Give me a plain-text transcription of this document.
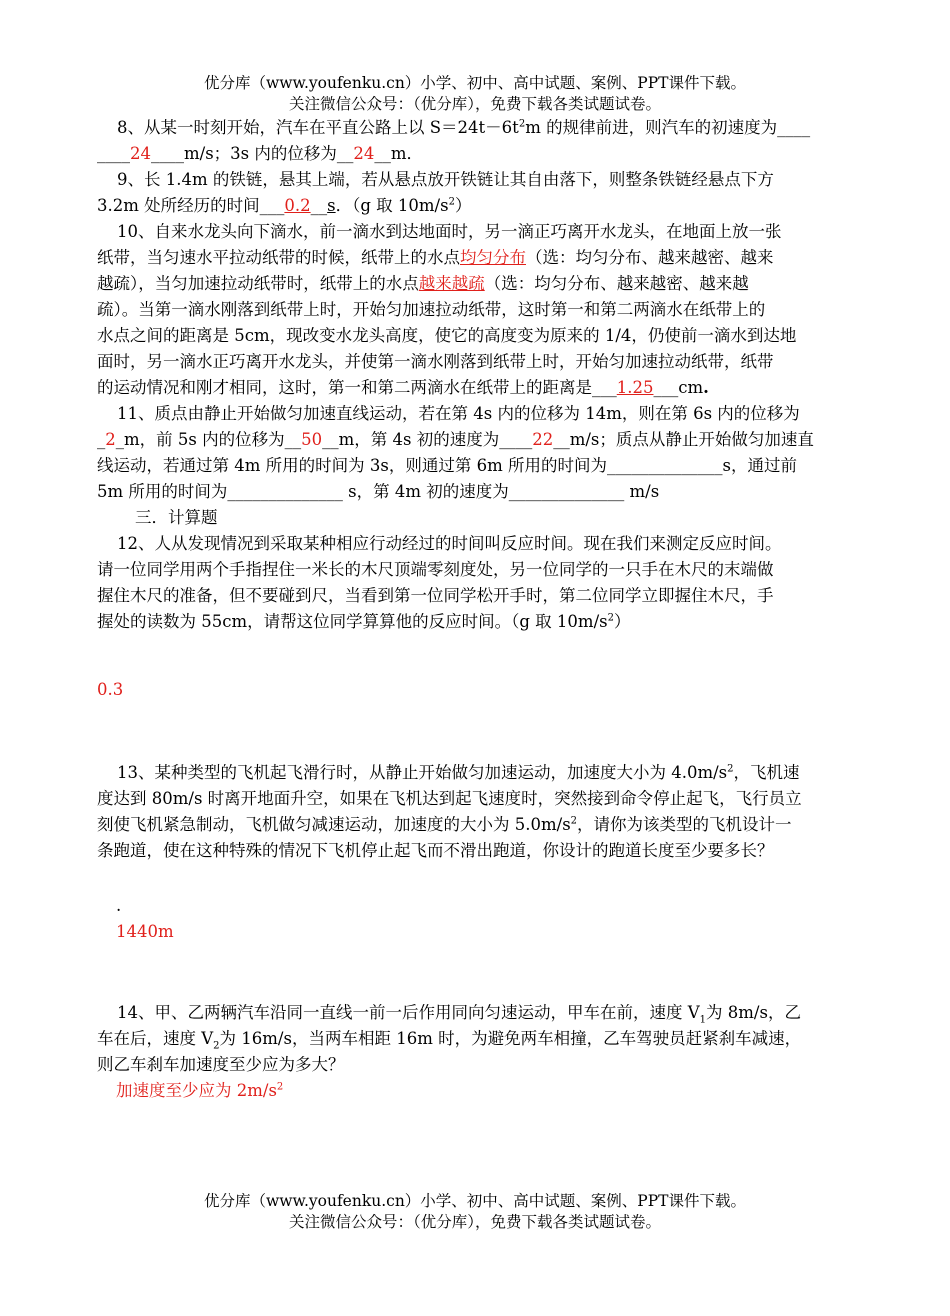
优分库（www.youfenku.cn）小学、初中、高中试题、案例、PPT课件下载。
关注微信公众号：（优分库），免费下载各类试题试卷。
8、从某一时刻开始，汽车在平直公路上以 $S=24t-6t^2m$ 的规律前进，则汽车的初速度为____
____24____m/s；3s 内的位移为__24__m．
9、长 1.4m 的铁链，悬其上端，若从悬点放开铁链让其自由落下，则整条铁链经悬点下方
3.2m 处所经历的时间___0.2__s．（g 取 $10m/s^2$）
10、自来水龙头向下滴水，前一滴水到达地面时，另一滴正巧离开水龙头，在地面上放一张
纸带，当匀速水平拉动纸带的时候，纸带上的水点均匀分布（选：均匀分布、越来越密、越来
越疏），当匀加速拉动纸带时，纸带上的水点越来越疏（选：均匀分布、越来越密、越来越
疏）。当第一滴水刚落到纸带上时，开始匀加速拉动纸带，这时第一和第二两滴水在纸带上的
水点之间的距离是 5cm，现改变水龙头高度，使它的高度变为原来的 1/4，仍使前一滴水到达地
面时，另一滴水正巧离开水龙头，并使第一滴水刚落到纸带上时，开始匀加速拉动纸带，纸带
的运动情况和刚才相同，这时，第一和第二两滴水在纸带上的距离是___1.25___cm.
11、质点由静止开始做匀加速直线运动，若在第 4s 内的位移为 14m，则在第 6s 内的位移为
_2_m，前 5s 内的位移为__50__m，第 4s 初的速度为____22__m/s；质点从静止开始做匀加速直
线运动，若通过第 4m 所用的时间为 3s，则通过第 6m 所用的时间为______________s，通过前
5m 所用的时间为______________ s，第 4m 初的速度为______________ m/s
三．计算题
12、人从发现情况到采取某种相应行动经过的时间叫反应时间。现在我们来测定反应时间。
请一位同学用两个手指捏住一米长的木尺顶端零刻度处，另一位同学的一只手在木尺的末端做
握住木尺的准备，但不要碰到尺，当看到第一位同学松开手时，第二位同学立即握住木尺，手
握处的读数为 55cm，请帮这位同学算算他的反应时间。（g 取 $10m/s^2$）
0.3
13、某种类型的飞机起飞滑行时，从静止开始做匀加速运动，加速度大小为 $4.0m/s^2$，飞机速
度达到 80m/s 时离开地面升空，如果在飞机达到起飞速度时，突然接到命令停止起飞，飞行员立
刻使飞机紧急制动，飞机做匀减速运动，加速度的大小为 $5.0m/s^2$，请你为该类型的飞机设计一
条跑道，使在这种特殊的情况下飞机停止起飞而不滑出跑道，你设计的跑道长度至少要多长？
.
1440m
14、甲、乙两辆汽车沿同一直线一前一后作用同向匀速运动，甲车在前，速度 $V_1$为 8m/s，乙
车在后，速度 $V_2$为 16m/s，当两车相距 16m 时，为避免两车相撞，乙车驾驶员赶紧刹车减速，
则乙车刹车加速度至少应为多大？
加速度至少应为 $2m/s^2$
优分库（www.youfenku.cn）小学、初中、高中试题、案例、PPT课件下载。
关注微信公众号：（优分库），免费下载各类试题试卷。
